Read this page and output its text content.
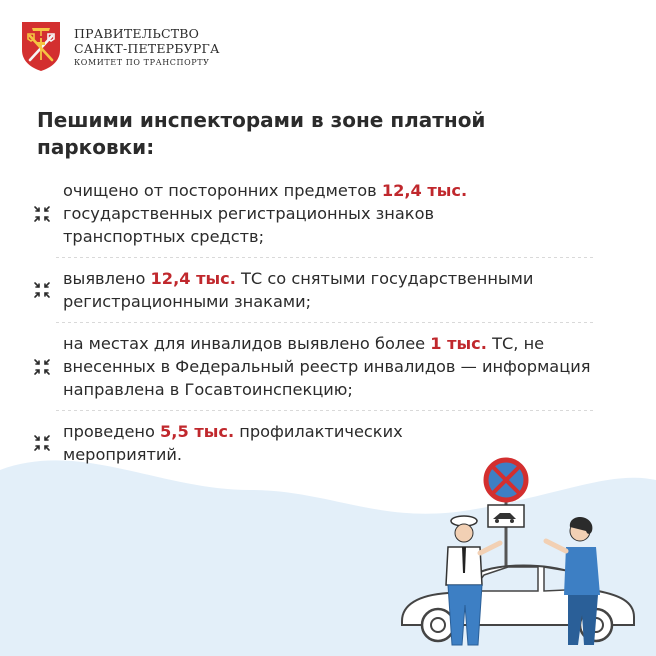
ПРАВИТЕЛЬСТВО
САНКТ-ПЕТЕРБУРГА
КОМИТЕТ ПО ТРАНСПОРТУ
Пешими инспекторами в зоне платной парковки:
очищено от посторонних предметов 12,4 тыс. государственных регистрационных знаков транспортных средств;
выявлено 12,4 тыс. ТС со снятыми государственными регистрационными знаками;
на местах для инвалидов выявлено более 1 тыс. ТС, не внесенных в Федеральный реестр инвалидов — информация направлена в Госавтоинспекцию;
проведено 5,5 тыс. профилактических мероприятий.
